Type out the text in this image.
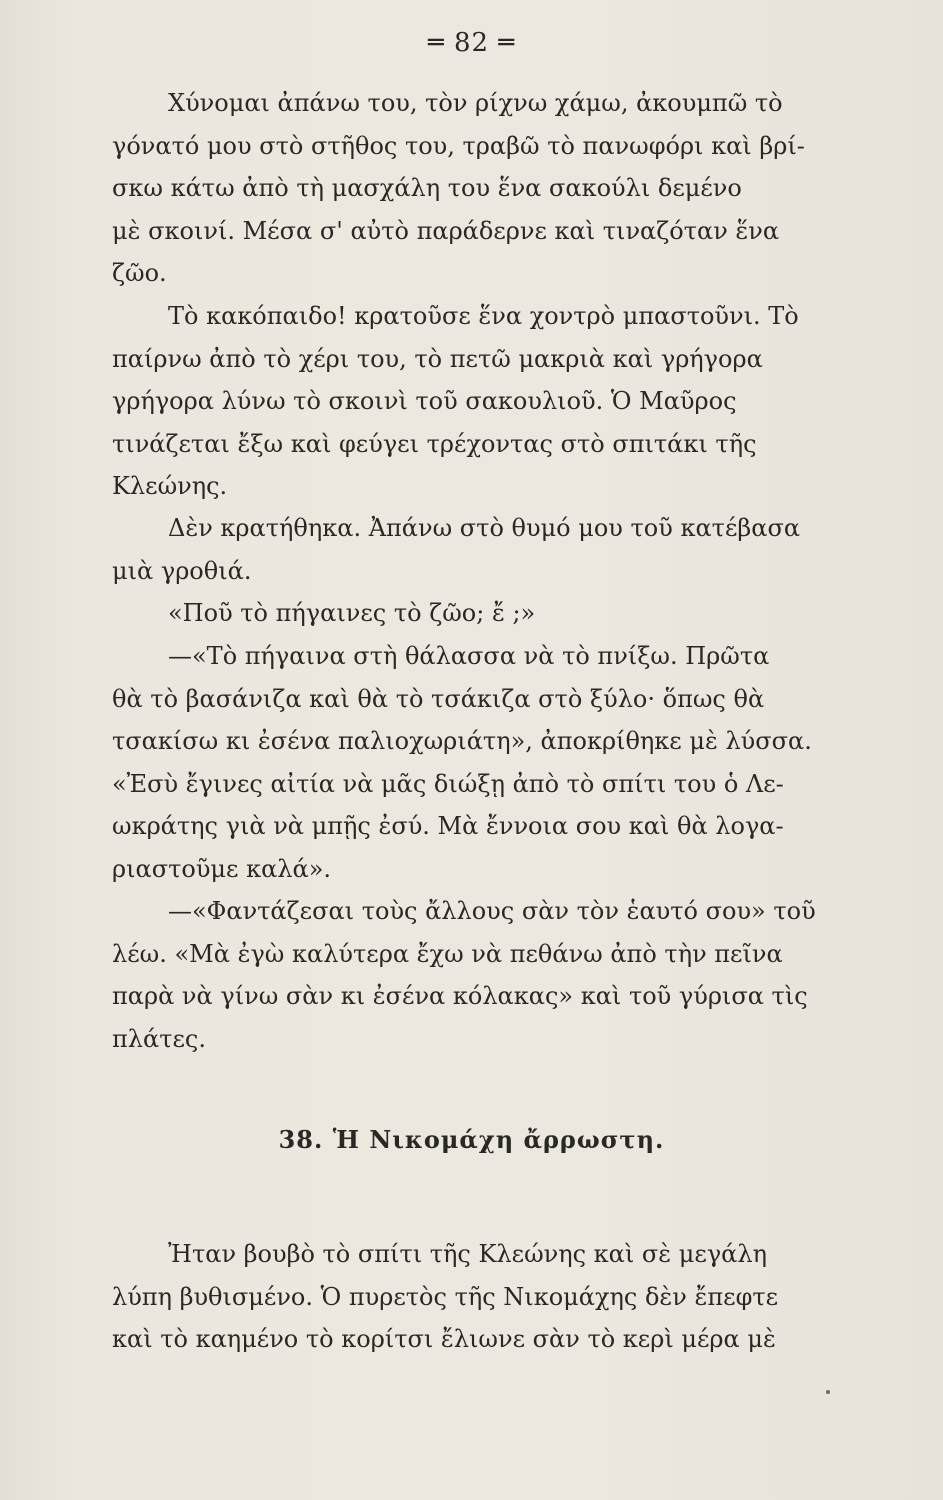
═ 82 ═
Χύνομαι ἀπάνω του, τὸν ρίχνω χάμω, ἀκουμπῶ τὸ
γόνατό μου στὸ στῆθος του, τραβῶ τὸ πανωφόρι καὶ βρί-
σκω κάτω ἀπὸ τὴ μασχάλη του ἕνα σακούλι δεμένο
μὲ σκοινί. Μέσα σ' αὐτὸ παράδερνε καὶ τιναζόταν ἕνα
ζῶο.
Τὸ κακόπαιδο! κρατοῦσε ἕνα χοντρὸ μπαστοῦνι. Τὸ
παίρνω ἀπὸ τὸ χέρι του, τὸ πετῶ μακριὰ καὶ γρήγορα
γρήγορα λύνω τὸ σκοινὶ τοῦ σακουλιοῦ. Ὁ Μαῦρος
τινάζεται ἔξω καὶ φεύγει τρέχοντας στὸ σπιτάκι τῆς
Κλεώνης.
Δὲν κρατήθηκα. Ἀπάνω στὸ θυμό μου τοῦ κατέβασα
μιὰ γροθιά.
«Ποῦ τὸ πήγαινες τὸ ζῶο; ἔ ;»
—«Τὸ πήγαινα στὴ θάλασσα νὰ τὸ πνίξω. Πρῶτα
θὰ τὸ βασάνιζα καὶ θὰ τὸ τσάκιζα στὸ ξύλο· ὅπως θὰ
τσακίσω κι ἐσένα παλιοχωριάτη», ἀποκρίθηκε μὲ λύσσα.
«Ἐσὺ ἔγινες αἰτία νὰ μᾶς διώξῃ ἀπὸ τὸ σπίτι του ὁ Λε-
ωκράτης γιὰ νὰ μπῇς ἐσύ. Μὰ ἔννοια σου καὶ θὰ λογα-
ριαστοῦμε καλά».
—«Φαντάζεσαι τοὺς ἄλλους σὰν τὸν ἑαυτό σου» τοῦ
λέω. «Μὰ ἐγὼ καλύτερα ἔχω νὰ πεθάνω ἀπὸ τὴν πεῖνα
παρὰ νὰ γίνω σὰν κι ἐσένα κόλακας» καὶ τοῦ γύρισα τὶς
πλάτες.
38. Ἡ Νικομάχη ἄρρωστη.
Ἠταν βουβὸ τὸ σπίτι τῆς Κλεώνης καὶ σὲ μεγάλη
λύπη βυθισμένο. Ὁ πυρετὸς τῆς Νικομάχης δὲν ἔπεφτε
καὶ τὸ καημένο τὸ κορίτσι ἔλιωνε σὰν τὸ κερὶ μέρα μὲ
